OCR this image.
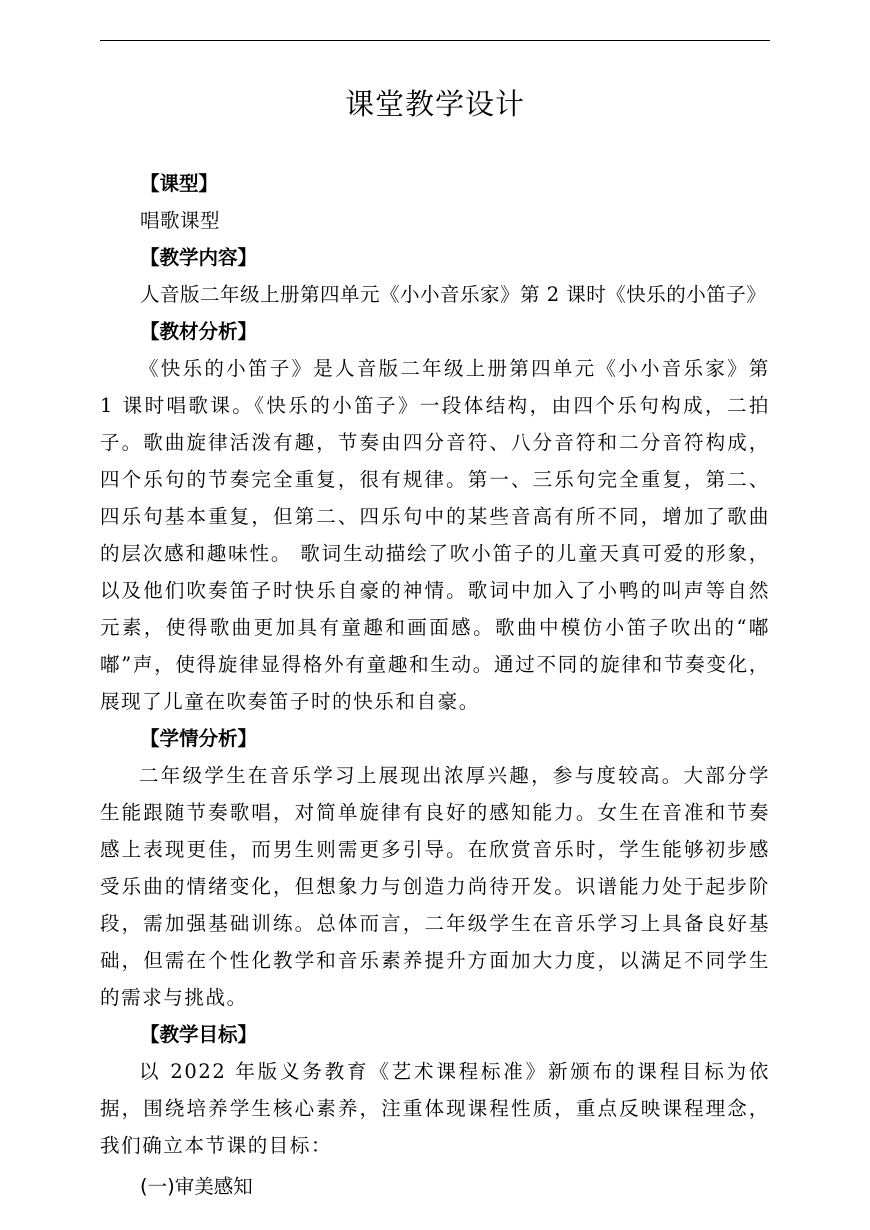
课堂教学设计
【课型】
唱歌课型
【教学内容】
人音版二年级上册第四单元《小小音乐家》第 2 课时《快乐的小笛子》
【教材分析】
《快乐的小笛子》是人音版二年级上册第四单元《小小音乐家》第 1 课时唱歌课。《快乐的小笛子》一段体结构，由四个乐句构成，二拍子。歌曲旋律活泼有趣，节奏由四分音符、八分音符和二分音符构成，四个乐句的节奏完全重复，很有规律。第一、三乐句完全重复，第二、四乐句基本重复，但第二、四乐句中的某些音高有所不同，增加了歌曲的层次感和趣味性。 歌词生动描绘了吹小笛子的儿童天真可爱的形象，以及他们吹奏笛子时快乐自豪的神情。歌词中加入了小鸭的叫声等自然元素，使得歌曲更加具有童趣和画面感。歌曲中模仿小笛子吹出的“嘟嘟”声，使得旋律显得格外有童趣和生动。通过不同的旋律和节奏变化，展现了儿童在吹奏笛子时的快乐和自豪。
【学情分析】
二年级学生在音乐学习上展现出浓厚兴趣，参与度较高。大部分学生能跟随节奏歌唱，对简单旋律有良好的感知能力。女生在音准和节奏感上表现更佳，而男生则需更多引导。在欣赏音乐时，学生能够初步感受乐曲的情绪变化，但想象力与创造力尚待开发。识谱能力处于起步阶段，需加强基础训练。总体而言，二年级学生在音乐学习上具备良好基础，但需在个性化教学和音乐素养提升方面加大力度，以满足不同学生的需求与挑战。
【教学目标】
以 2022 年版义务教育《艺术课程标准》新颁布的课程目标为依据，围绕培养学生核心素养，注重体现课程性质，重点反映课程理念，我们确立本节课的目标：
(一)审美感知
